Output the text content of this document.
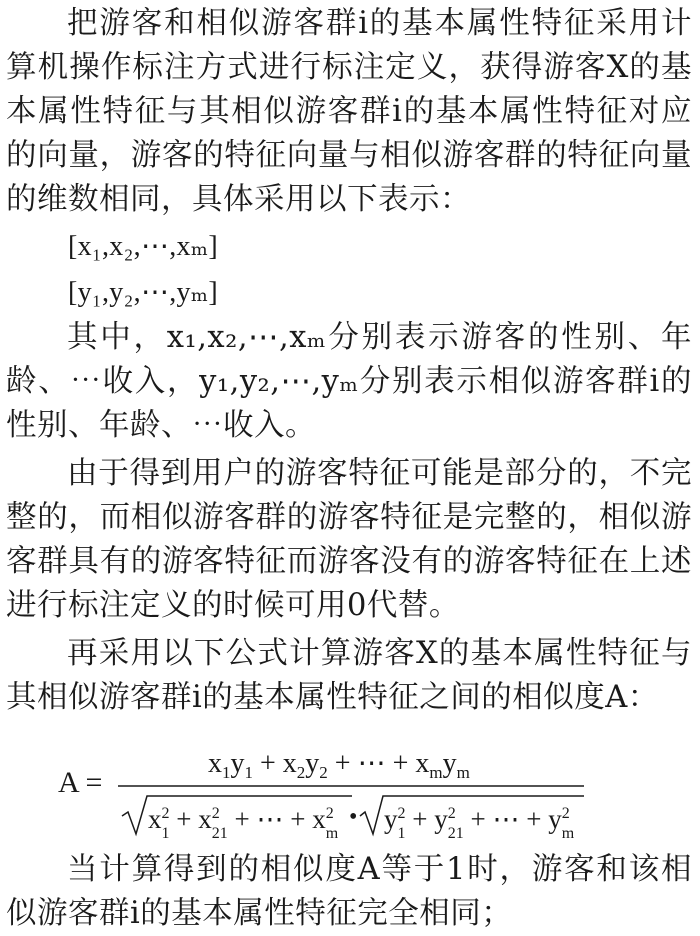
把游客和相似游客群i的基本属性特征采用计算机操作标注方式进行标注定义，获得游客X的基本属性特征与其相似游客群i的基本属性特征对应的向量，游客的特征向量与相似游客群的特征向量的维数相同，具体采用以下表示：

[x₁,x₂,⋯,xₘ]

[y₁,y₂,⋯,yₘ]

其中，x₁,x₂,⋯,xₘ分别表示游客的性别、年龄、⋯收入，y₁,y₂,⋯,yₘ分别表示相似游客群i的性别、年龄、⋯收入。

由于得到用户的游客特征可能是部分的，不完整的，而相似游客群的游客特征是完整的，相似游客群具有的游客特征而游客没有的游客特征在上述进行标注定义的时候可用0代替。

再采用以下公式计算游客X的基本属性特征与其相似游客群i的基本属性特征之间的相似度A：

A =
$x_1y_1 + x_2y_2$ + ⋯ + $x_my_m$
$x^2$ $1 + x^2$ 21 + ⋯ + $x^2$ m
• $y^2$ $1 + y^2$ 21 + ⋯ + $y^2$ m

当计算得到的相似度A等于1时，游客和该相似游客群i的基本属性特征完全相同；
